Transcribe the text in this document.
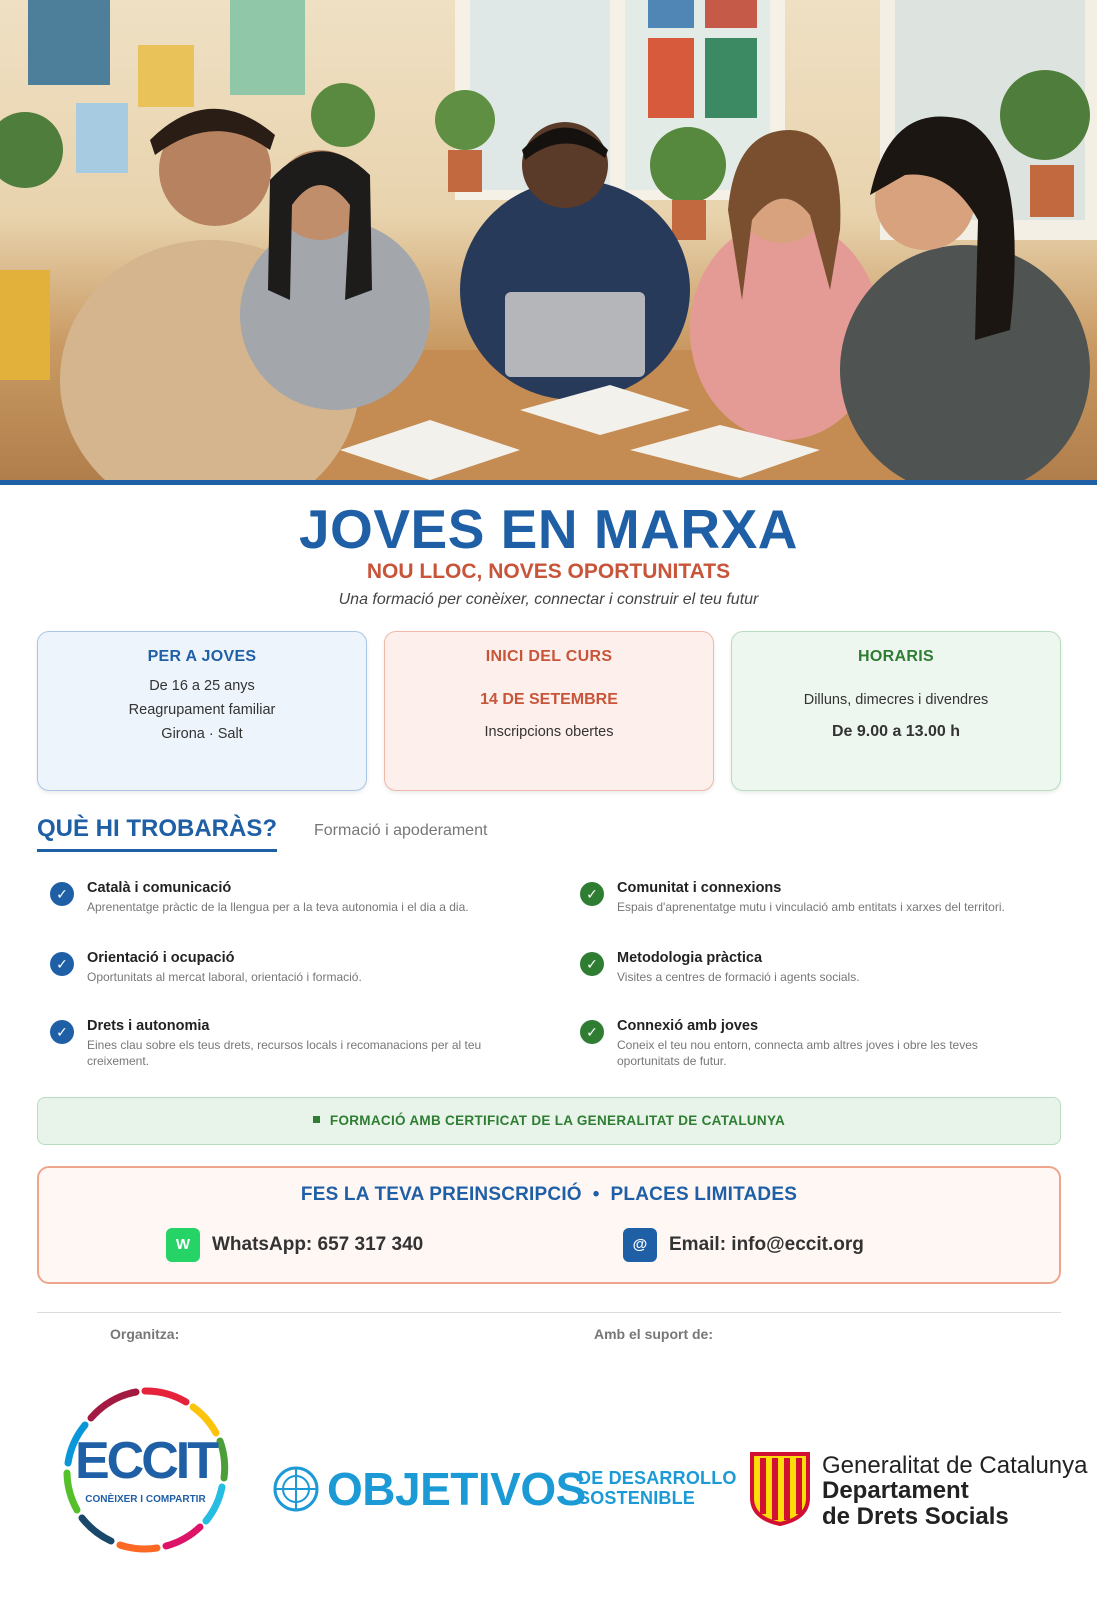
JOVES EN MARXA
NOU LLOC, NOVES OPORTUNITATS
Una formació per conèixer, connectar i construir el teu futur
PER A JOVES

De 16 a 25 anys

Reagrupament familiar

Girona · Salt

INICI DEL CURS

14 DE SETEMBRE

Inscripcions obertes

HORARIS

Dilluns, dimecres i divendres

De 9.00 a 13.00 h

QUÈ HI TROBARÀS? Formació i apoderament
✓	Català i comunicació

Aprenentatge pràctic de la llengua per a la teva autonomia i el dia a dia.

✓	Orientació i ocupació

Oportunitats al mercat laboral, orientació i formació.

✓	Drets i autonomia

Eines clau sobre els teus drets, recursos locals i recomanacions per al teu creixement.

✓	Comunitat i connexions

Espais d'aprenentatge mutu i vinculació amb entitats i xarxes del territori.

✓	Metodologia pràctica

Visites a centres de formació i agents socials.

✓	Connexió amb joves

Coneix el teu nou entorn, connecta amb altres joves i obre les teves oportunitats de futur.

FORMACIÓ AMB CERTIFICAT DE LA GENERALITAT DE CATALUNYA
FES LA TEVA PREINSCRIPCIÓ  •  PLACES LIMITADES
W	WhatsApp: 657 317 340	@	Email: info@eccit.org
Organitza:	Amb el suport de:
ECCIT
CONÈIXER I COMPARTIR	OBJETIVOS
DE DESARROLLO
SOSTENIBLE
Generalitat de Catalunya
Departament
de Drets Socials
